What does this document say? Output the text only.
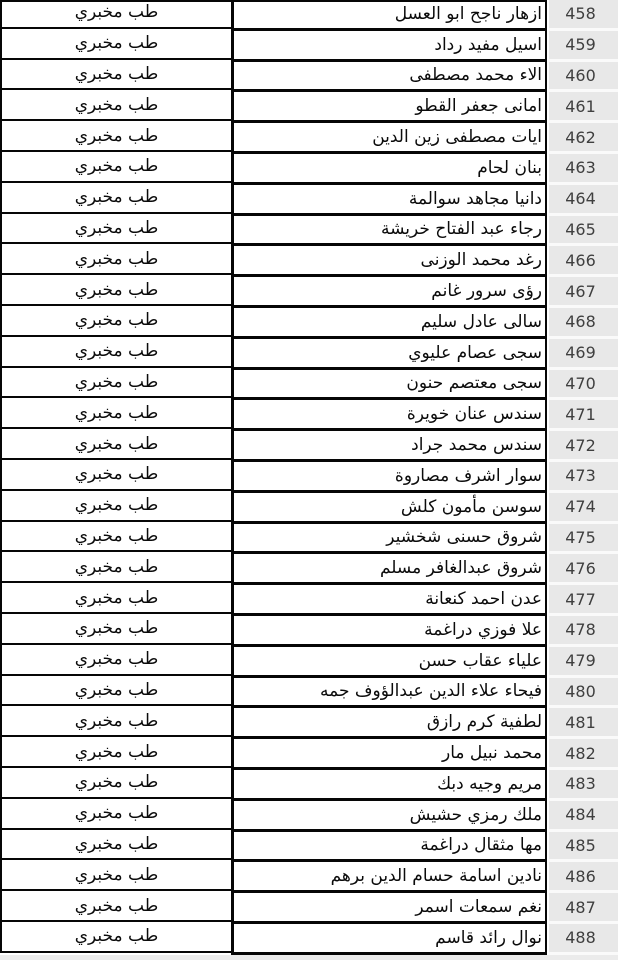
طب مخبري
طب مخبري
طب مخبري
طب مخبري
طب مخبري
طب مخبري
طب مخبري
طب مخبري
طب مخبري
طب مخبري
طب مخبري
طب مخبري
طب مخبري
طب مخبري
طب مخبري
طب مخبري
طب مخبري
طب مخبري
طب مخبري
طب مخبري
طب مخبري
طب مخبري
طب مخبري
طب مخبري
طب مخبري
طب مخبري
طب مخبري
طب مخبري
طب مخبري
طب مخبري
طب مخبري
ازهار ناجح ابو العسل
اسيل مفيد رداد
الاء محمد مصطفى
امانى جعفر القطو
ايات مصطفى زين الدين
بنان لحام
دانيا مجاهد سوالمة
رجاء عبد الفتاح خريشة
رغد محمد الوزنى
رؤى سرور غانم
سالى عادل سليم
سجى عصام عليوي
سجى معتصم حنون
سندس عنان خويرة
سندس محمد جراد
سوار اشرف مصاروة
سوسن مأمون كلش
شروق حسنى شخشير
شروق عبدالغافر مسلم
عدن احمد كنعانة
علا فوزي دراغمة
علياء عقاب حسن
فيحاء علاء الدين عبدالؤوف جمه
لطفية كرم رازق
محمد نبيل مار
مريم وجيه دبك
ملك رمزي حشيش
مها مثقال دراغمة
نادين اسامة حسام الدين برهم
نغم سمعات اسمر
نوال رائد قاسم
458
459
460
461
462
463
464
465
466
467
468
469
470
471
472
473
474
475
476
477
478
479
480
481
482
483
484
485
486
487
488
